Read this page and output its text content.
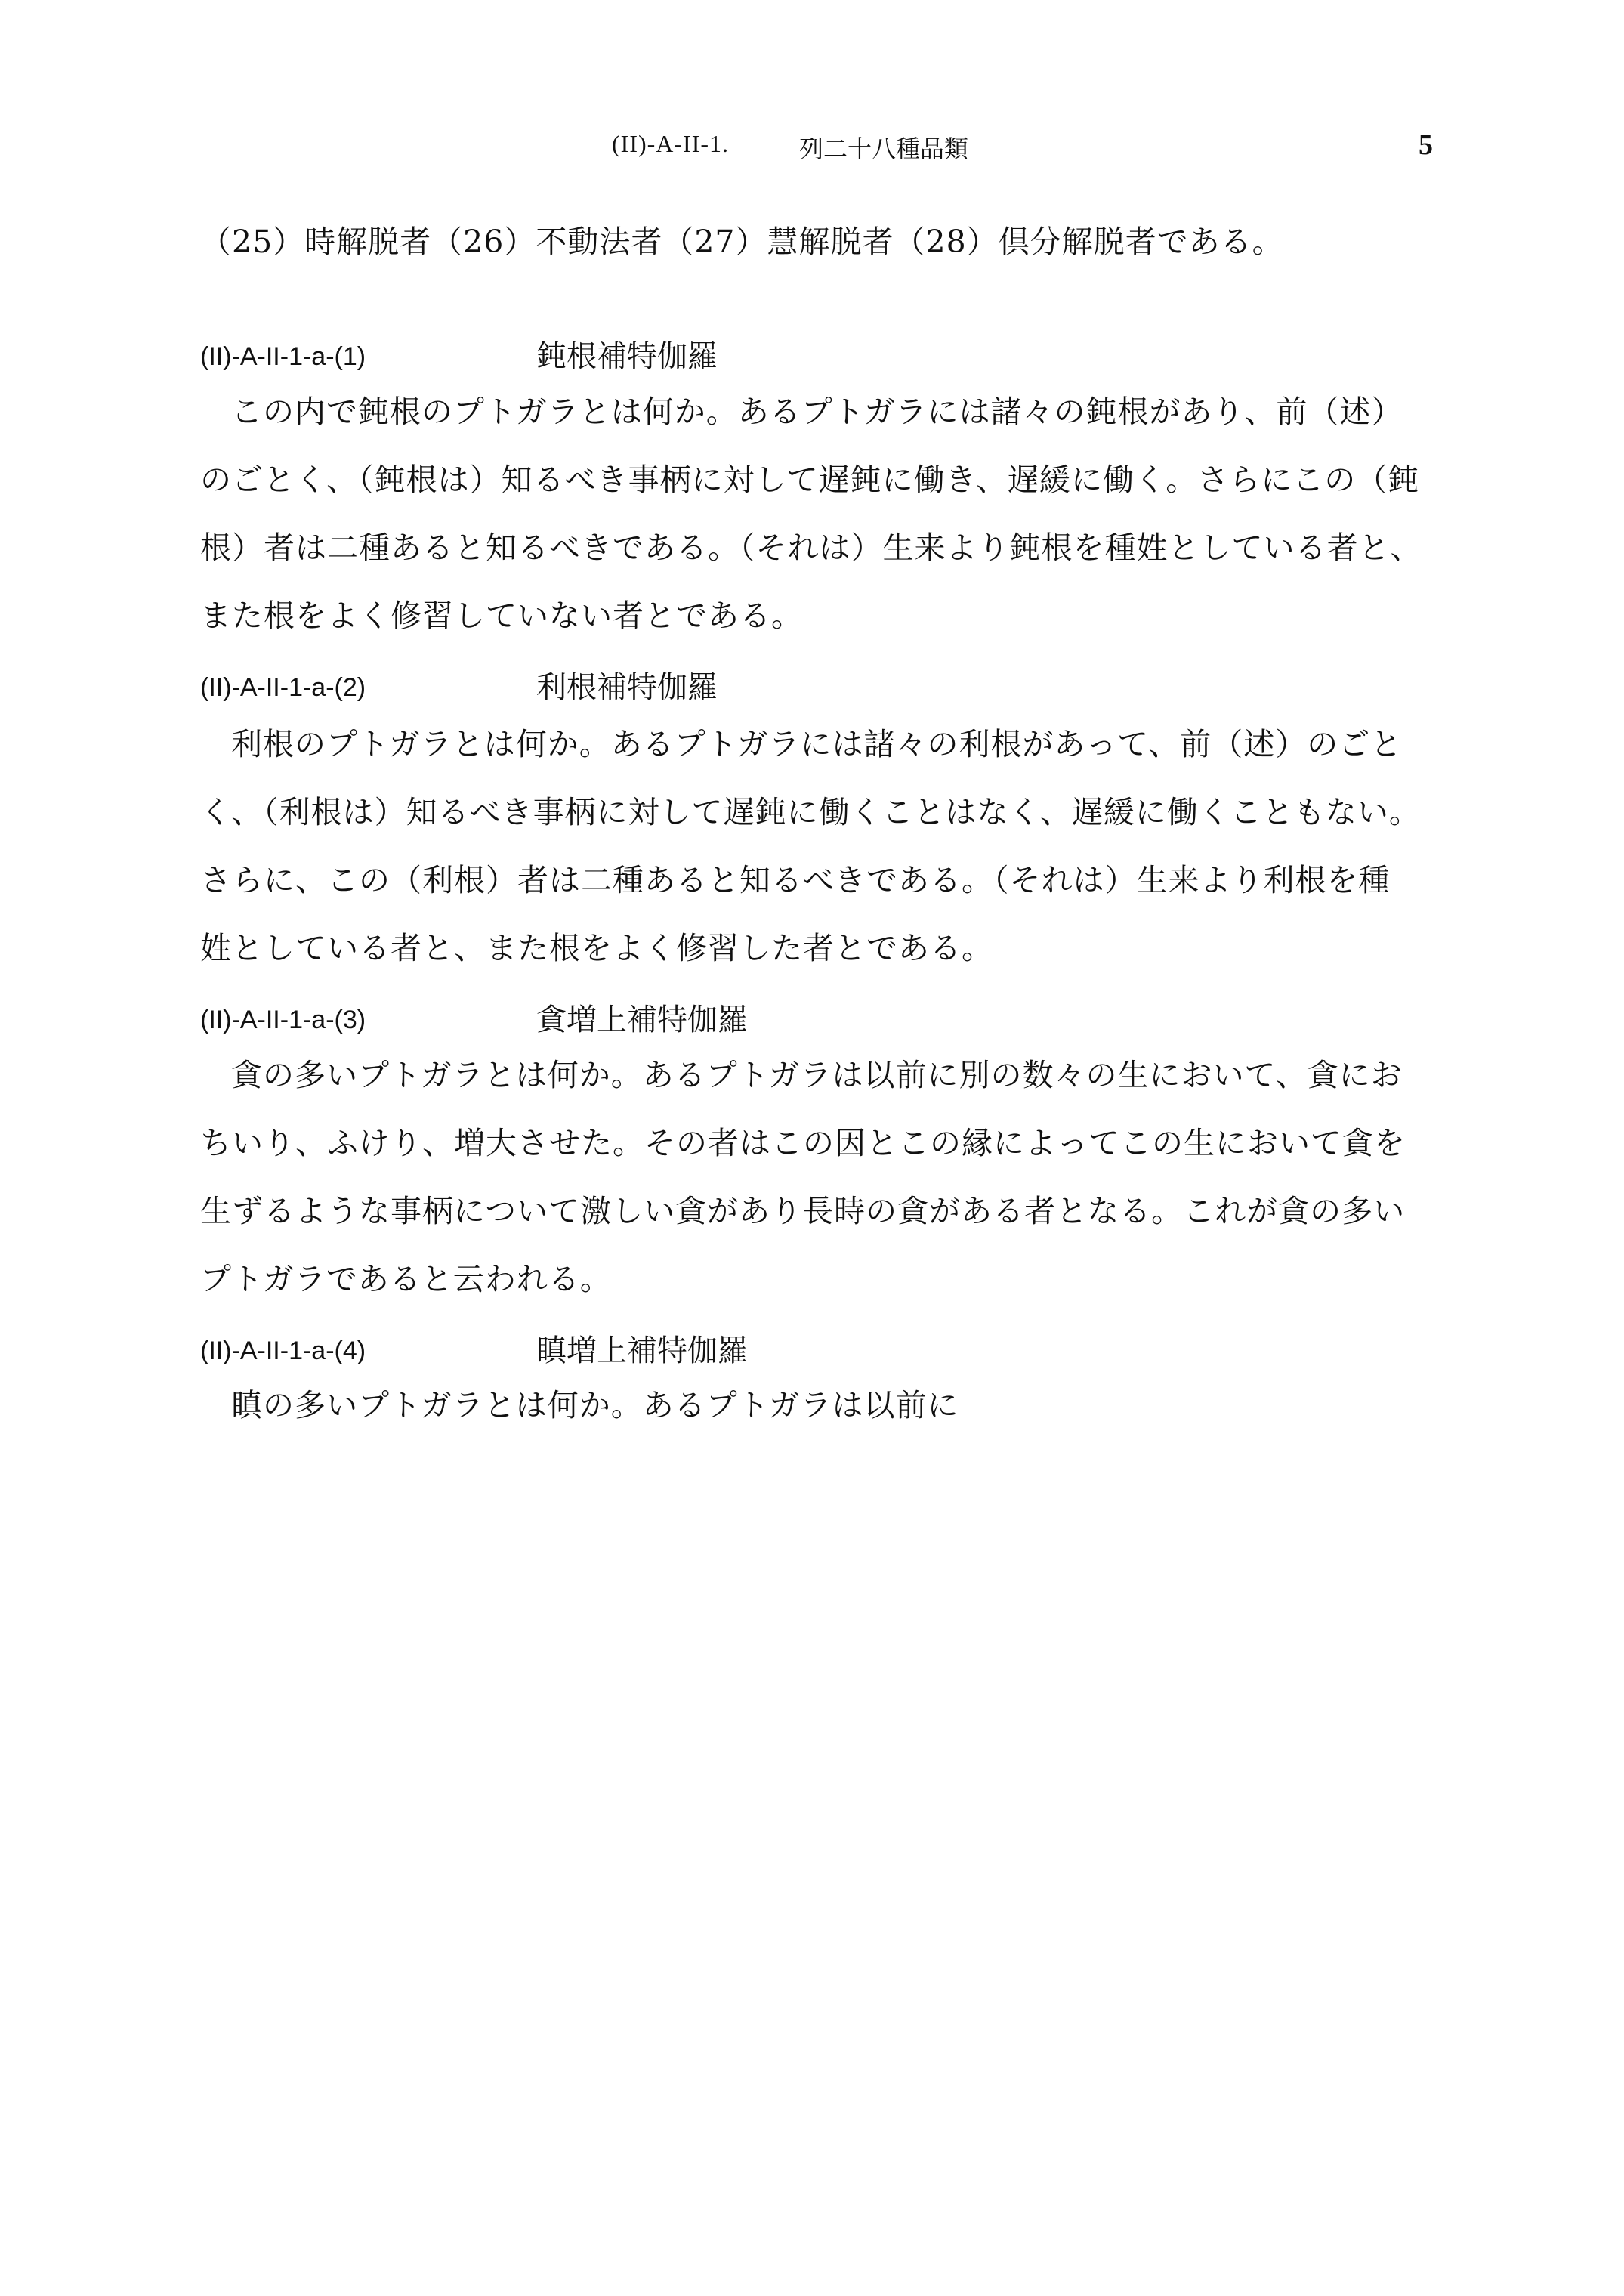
(II)-A-II-1.	列二十八種品類	5
（25）時解脱者（26）不動法者（27）慧解脱者（28）倶分解脱者である。
(II)-A-II-1-a-(1)	鈍根補特伽羅
この内で鈍根のプトガラとは何か。あるプトガラには諸々の鈍根があり、前（述）
のごとく、（鈍根は）知るべき事柄に対して遅鈍に働き、遅緩に働く。さらにこの（鈍
根）者は二種あると知るべきである。（それは）生来より鈍根を種姓としている者と、
また根をよく修習していない者とである。
(II)-A-II-1-a-(2)	利根補特伽羅
利根のプトガラとは何か。あるプトガラには諸々の利根があって、前（述）のごと
く、（利根は）知るべき事柄に対して遅鈍に働くことはなく、遅緩に働くこともない。
さらに、この（利根）者は二種あると知るべきである。（それは）生来より利根を種
姓としている者と、また根をよく修習した者とである。
(II)-A-II-1-a-(3)	貪増上補特伽羅
貪の多いプトガラとは何か。あるプトガラは以前に別の数々の生において、貪にお
ちいり、ふけり、増大させた。その者はこの因とこの縁によってこの生において貪を
生ずるような事柄について激しい貪があり長時の貪がある者となる。これが貪の多い
プトガラであると云われる。
(II)-A-II-1-a-(4)	瞋増上補特伽羅
瞋の多いプトガラとは何か。あるプトガラは以前に
